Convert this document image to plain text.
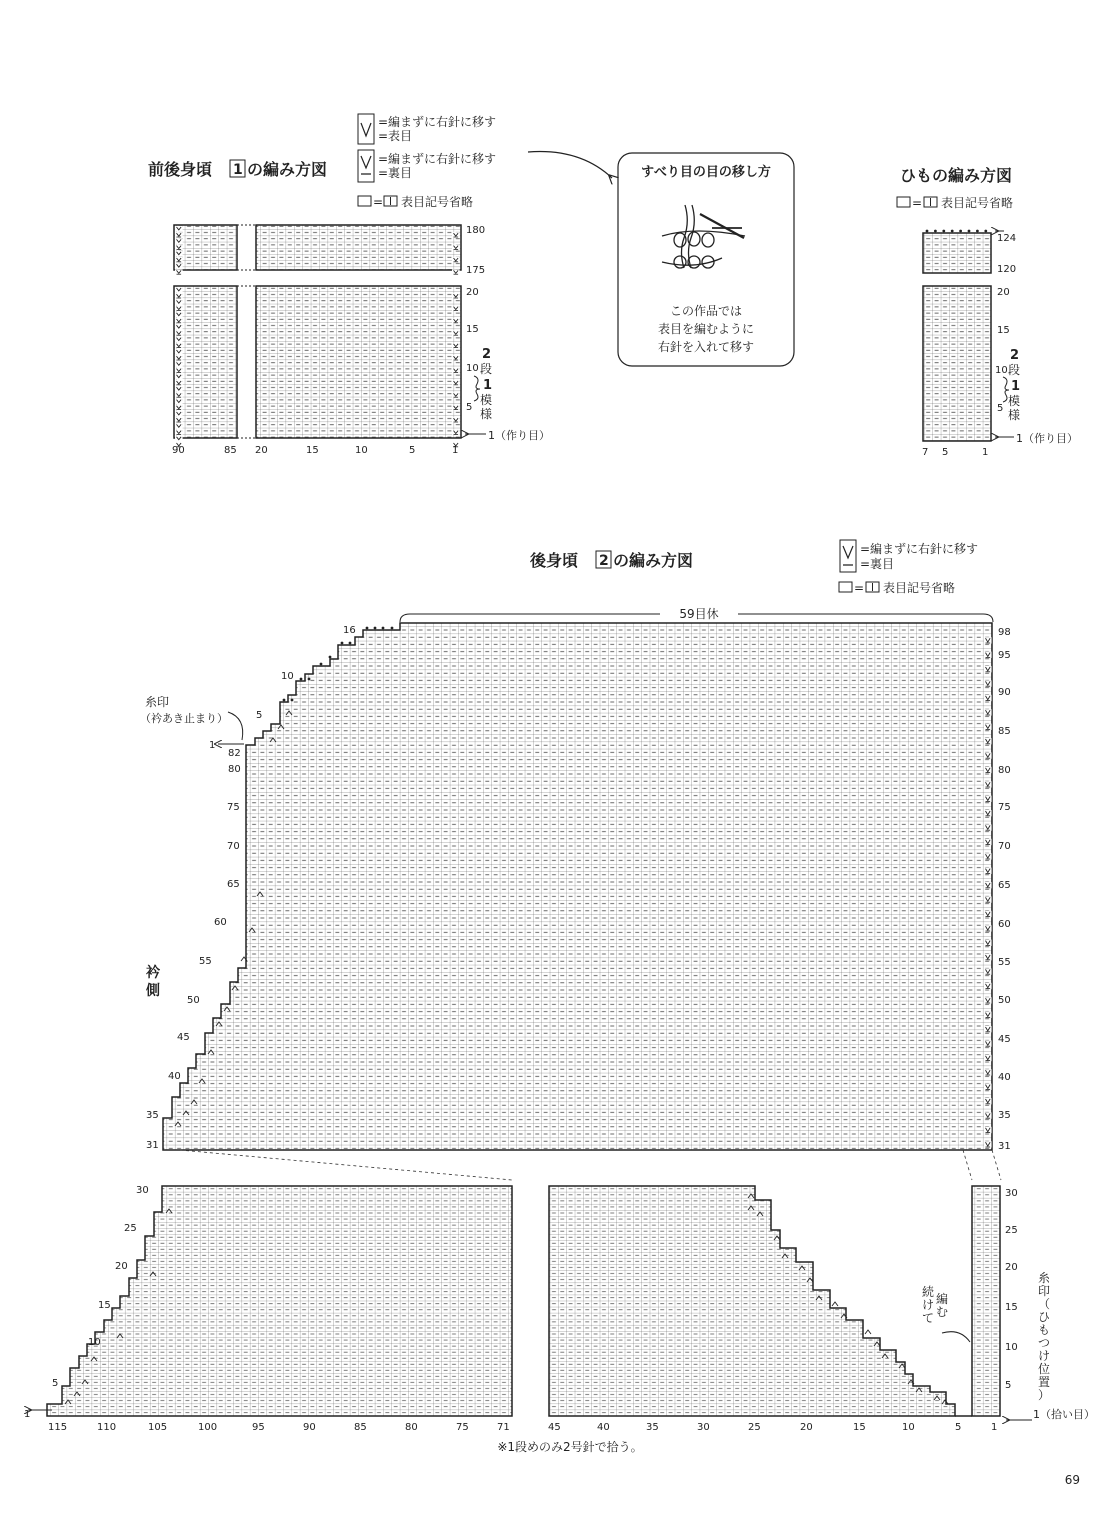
前後身頃 1 の編み方図
=編まずに右針に移す
=表目
=編まずに右針に移す
=裏目
= 表目記号省略
180
175
20
15
10
5
2
段
1
模
様
1（作り目）
90	85 20	15	10	5	1
すべり目の目の移し方
この作品では
表目を編むように
右針を入れて移す
ひもの編み方図
= 表目記号省略
124
120
20
15
10
5
2
段
1
模
様
1（作り目）
7 5	1
後身頃 2 の編み方図
=編まずに右針に移す
=裏目
= 表目記号省略
59目休
16
10
5
1
糸印
（衿あき止まり）
衿
側
98
95
90
85
80
75
70
65
60
55
50
45
40
35
31
82
80
75
70
65
60
55
50
45
40
35
31
30
25
20
15
10
5
30
25
20
15
10
5
1
続
け
て
編
む
糸
印
（
ひ
も
つ
け
位
置
）
1（拾い目）
115	110	105	100	95	90	85	80	75	71	45	40	35	30	25	20	15	10	5	1
※1段めのみ2号針で拾う。
69
